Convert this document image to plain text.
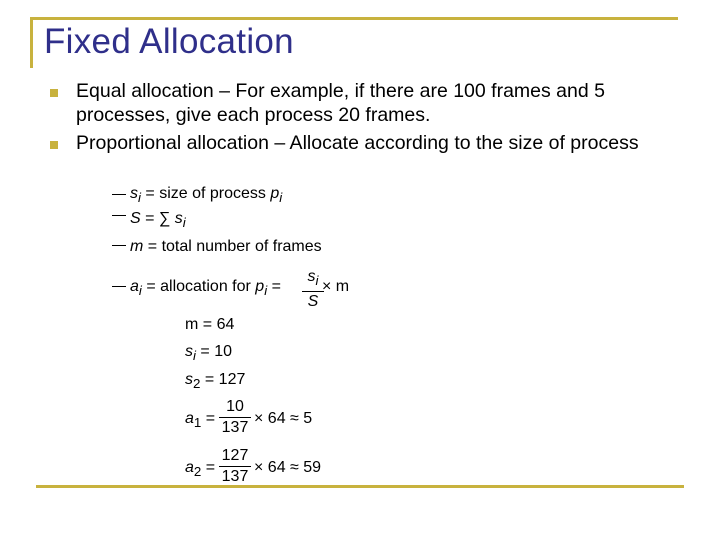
Fixed Allocation
Equal allocation – For example, if there are 100 frames and 5 processes, give each process 20 frames.
Proportional allocation – Allocate according to the size of process
$s_i$ = size of process $p_i$
S = ∑ $s_i$
m = total number of frames
$a_i$ = allocation for $p_i$ =
$s_i$
S
× m
m = 64
$s_i = 10$
$s_2 = 127$
$a_1$ =
10
137
× 64 ≈ 5
$a_2$ =
127
137
× 64 ≈ 59
